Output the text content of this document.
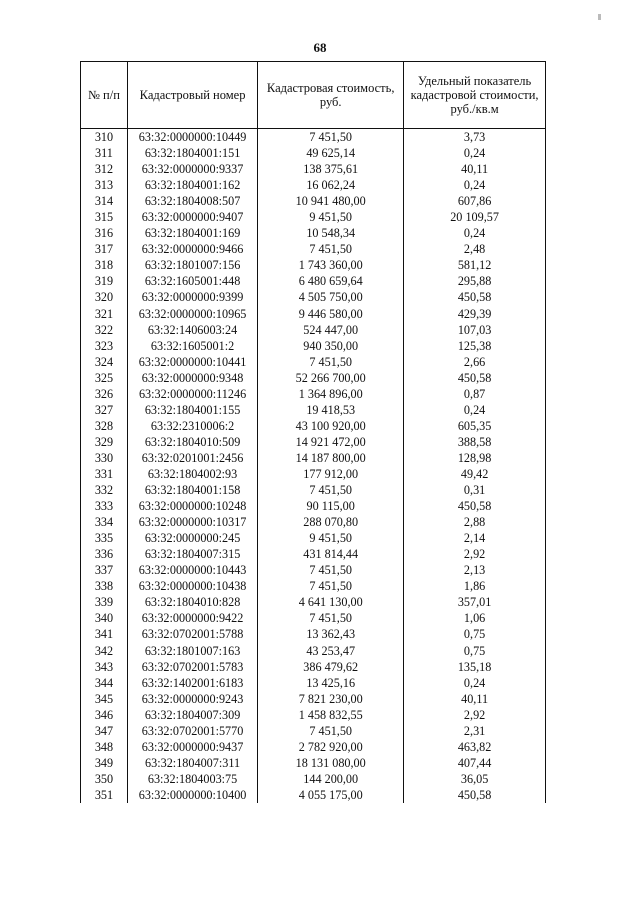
68
№ п/п	Кадастровый номер	Кадастровая стоимость, руб.	Удельный показатель кадастровой стоимости, руб./кв.м
310	63:32:0000000:10449	7 451,50	3,73
311	63:32:1804001:151	49 625,14	0,24
312	63:32:0000000:9337	138 375,61	40,11
313	63:32:1804001:162	16 062,24	0,24
314	63:32:1804008:507	10 941 480,00	607,86
315	63:32:0000000:9407	9 451,50	20 109,57
316	63:32:1804001:169	10 548,34	0,24
317	63:32:0000000:9466	7 451,50	2,48
318	63:32:1801007:156	1 743 360,00	581,12
319	63:32:1605001:448	6 480 659,64	295,88
320	63:32:0000000:9399	4 505 750,00	450,58
321	63:32:0000000:10965	9 446 580,00	429,39
322	63:32:1406003:24	524 447,00	107,03
323	63:32:1605001:2	940 350,00	125,38
324	63:32:0000000:10441	7 451,50	2,66
325	63:32:0000000:9348	52 266 700,00	450,58
326	63:32:0000000:11246	1 364 896,00	0,87
327	63:32:1804001:155	19 418,53	0,24
328	63:32:2310006:2	43 100 920,00	605,35
329	63:32:1804010:509	14 921 472,00	388,58
330	63:32:0201001:2456	14 187 800,00	128,98
331	63:32:1804002:93	177 912,00	49,42
332	63:32:1804001:158	7 451,50	0,31
333	63:32:0000000:10248	90 115,00	450,58
334	63:32:0000000:10317	288 070,80	2,88
335	63:32:0000000:245	9 451,50	2,14
336	63:32:1804007:315	431 814,44	2,92
337	63:32:0000000:10443	7 451,50	2,13
338	63:32:0000000:10438	7 451,50	1,86
339	63:32:1804010:828	4 641 130,00	357,01
340	63:32:0000000:9422	7 451,50	1,06
341	63:32:0702001:5788	13 362,43	0,75
342	63:32:1801007:163	43 253,47	0,75
343	63:32:0702001:5783	386 479,62	135,18
344	63:32:1402001:6183	13 425,16	0,24
345	63:32:0000000:9243	7 821 230,00	40,11
346	63:32:1804007:309	1 458 832,55	2,92
347	63:32:0702001:5770	7 451,50	2,31
348	63:32:0000000:9437	2 782 920,00	463,82
349	63:32:1804007:311	18 131 080,00	407,44
350	63:32:1804003:75	144 200,00	36,05
351	63:32:0000000:10400	4 055 175,00	450,58
